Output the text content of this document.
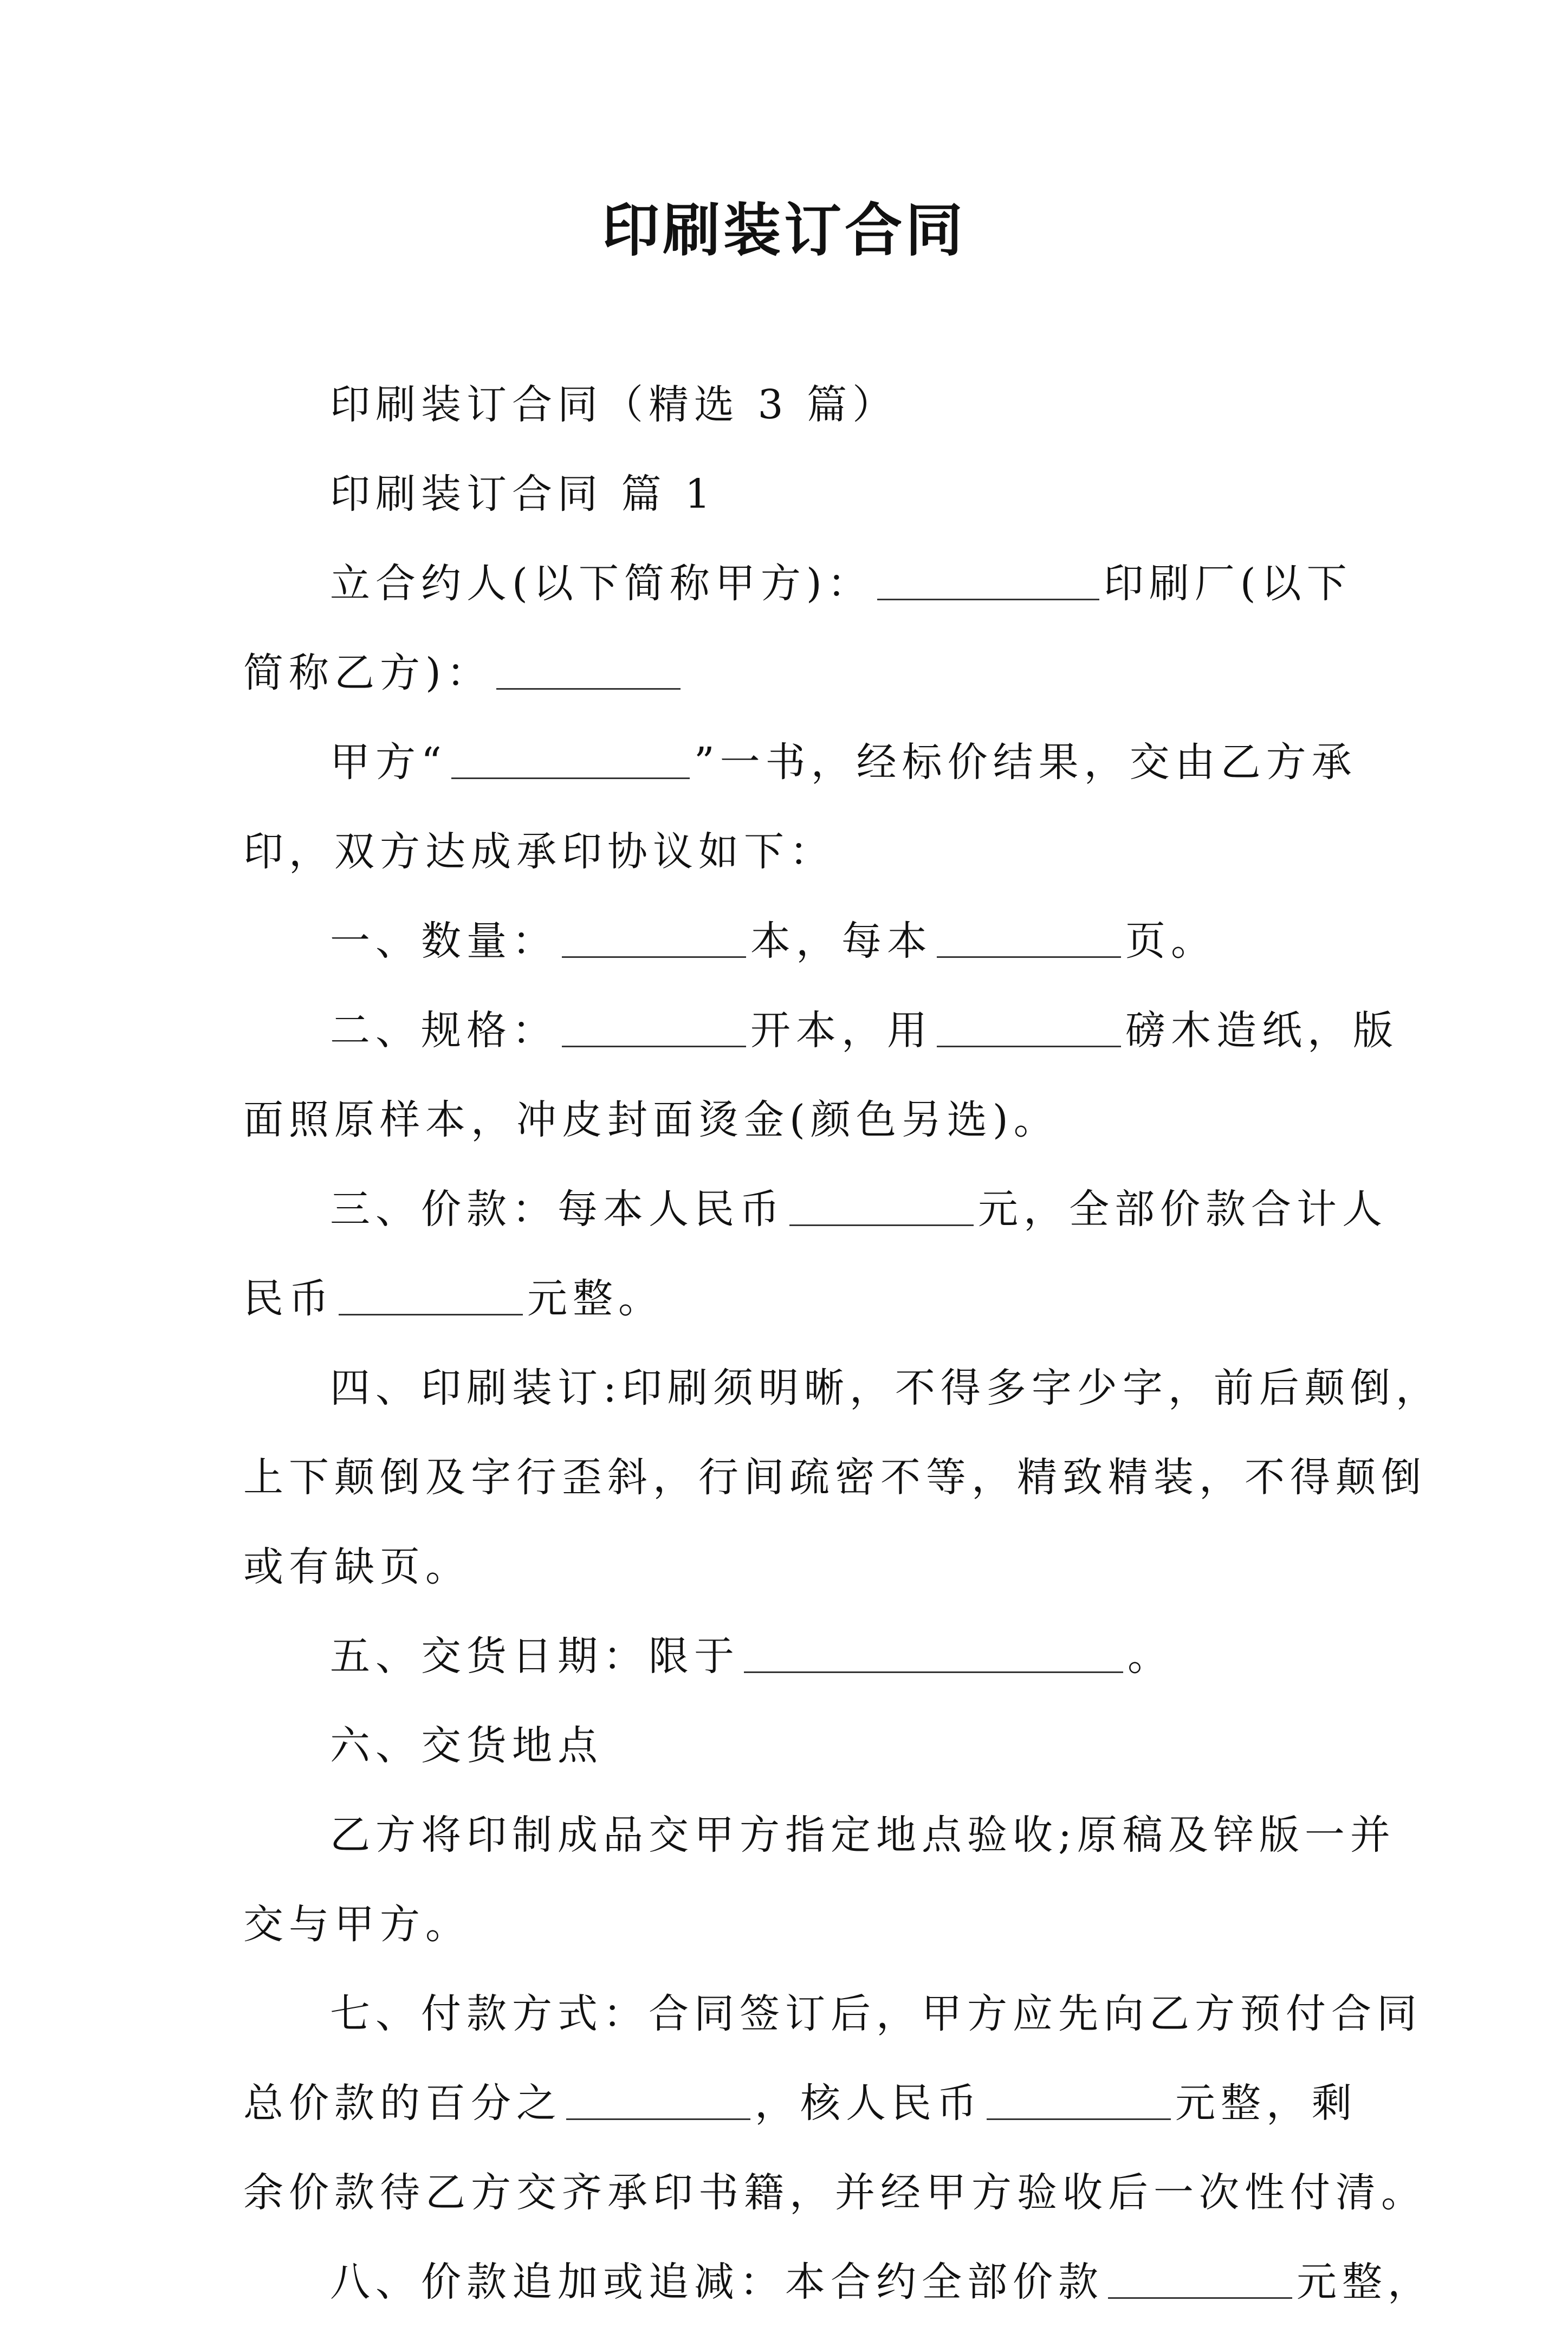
印刷装订合同
印刷装订合同（精选 3 篇）
印刷装订合同 篇 1
立合约人(以下简称甲方)：	印刷厂(以下
简称乙方)：
甲方“	”一书，经标价结果，交由乙方承
印，双方达成承印协议如下：
一、数量：	本，每本	页。
二、规格：	开本，用	磅木造纸，版
面照原样本，冲皮封面烫金(颜色另选)。
三、价款：每本人民币	元，全部价款合计人
民币	元整。
四、印刷装订:印刷须明晰，不得多字少字，前后颠倒，
上下颠倒及字行歪斜，行间疏密不等，精致精装，不得颠倒
或有缺页。
五、交货日期：限于	。
六、交货地点
乙方将印制成品交甲方指定地点验收;原稿及锌版一并
交与甲方。
七、付款方式：合同签订后，甲方应先向乙方预付合同
总价款的百分之	，核人民币	元整，剩
余价款待乙方交齐承印书籍，并经甲方验收后一次性付清。
八、价款追加或追减：本合约全部价款	元整，
